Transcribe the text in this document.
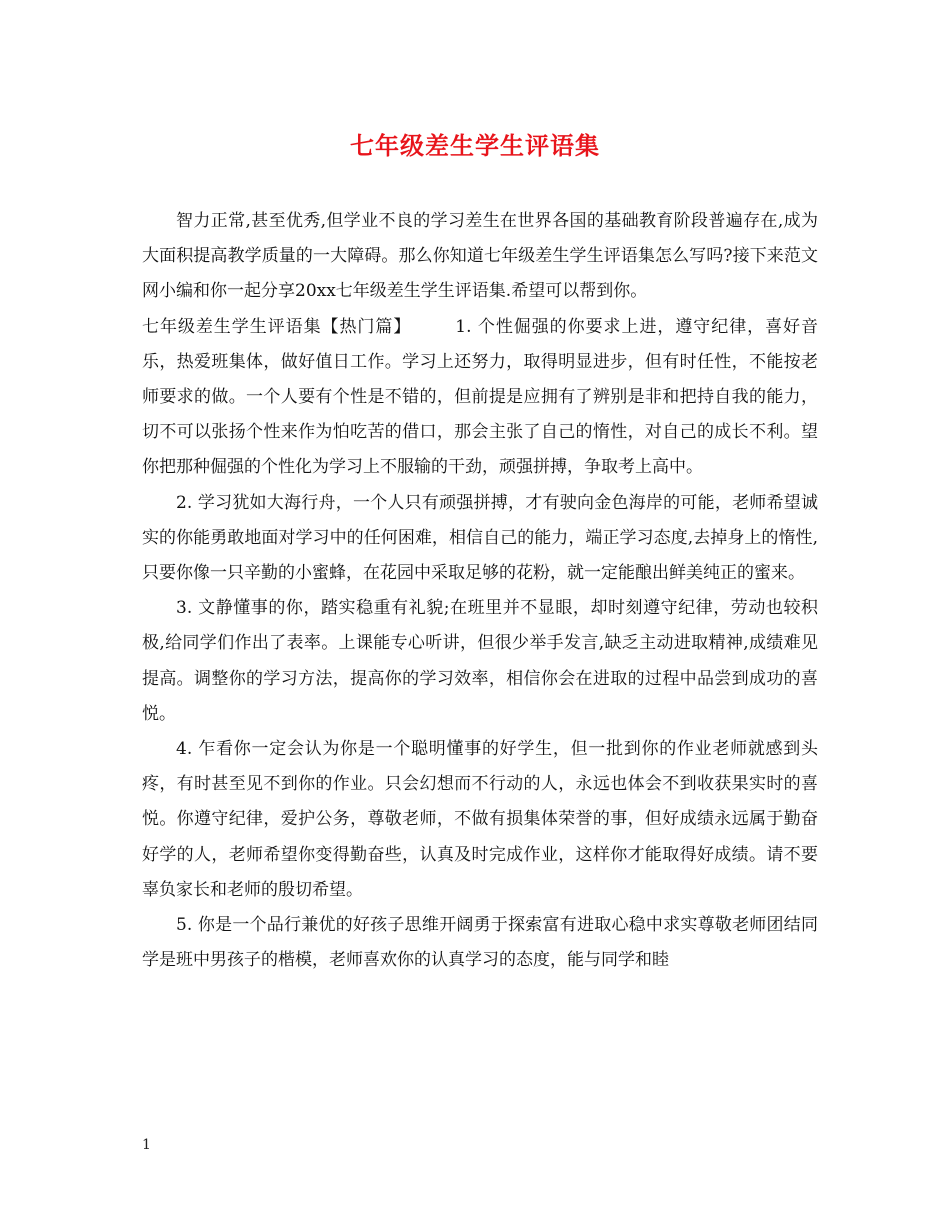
七年级差生学生评语集

智力正常,甚至优秀,但学业不良的学习差生在世界各国的基础教育阶段普遍存在,成为大面积提高教学质量的一大障碍。那么你知道七年级差生学生评语集怎么写吗?接下来范文网小编和你一起分享20xx七年级差生学生评语集.希望可以帮到你。

七年级差生学生评语集【热门篇】	1. 个性倔强的你要求上进，遵守纪律，喜好音乐，热爱班集体，做好值日工作。学习上还努力，取得明显进步，但有时任性，不能按老师要求的做。一个人要有个性是不错的，但前提是应拥有了辨别是非和把持自我的能力，切不可以张扬个性来作为怕吃苦的借口，那会主张了自己的惰性，对自己的成长不利。望你把那种倔强的个性化为学习上不服输的干劲，顽强拼搏，争取考上高中。

2. 学习犹如大海行舟，一个人只有顽强拼搏，才有驶向金色海岸的可能，老师希望诚实的你能勇敢地面对学习中的任何困难，相信自己的能力，端正学习态度,去掉身上的惰性,只要你像一只辛勤的小蜜蜂，在花园中采取足够的花粉，就一定能酿出鲜美纯正的蜜来。

3. 文静懂事的你，踏实稳重有礼貌;在班里并不显眼，却时刻遵守纪律，劳动也较积极,给同学们作出了表率。上课能专心听讲，但很少举手发言,缺乏主动进取精神,成绩难见提高。调整你的学习方法，提高你的学习效率，相信你会在进取的过程中品尝到成功的喜悦。

4. 乍看你一定会认为你是一个聪明懂事的好学生，但一批到你的作业老师就感到头疼，有时甚至见不到你的作业。只会幻想而不行动的人，永远也体会不到收获果实时的喜悦。你遵守纪律，爱护公务，尊敬老师，不做有损集体荣誉的事，但好成绩永远属于勤奋好学的人，老师希望你变得勤奋些，认真及时完成作业，这样你才能取得好成绩。请不要辜负家长和老师的殷切希望。

5. 你是一个品行兼优的好孩子思维开阔勇于探索富有进取心稳中求实尊敬老师团结同学是班中男孩子的楷模，老师喜欢你的认真学习的态度，能与同学和睦

1
